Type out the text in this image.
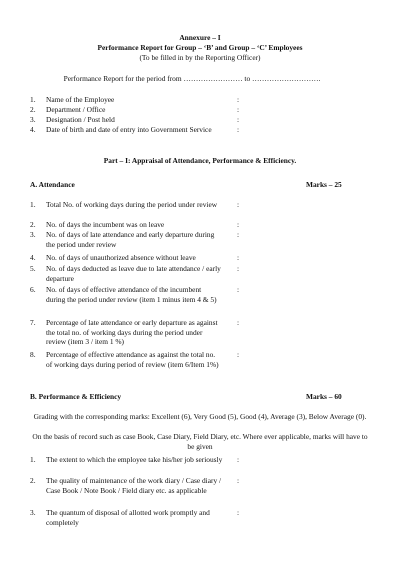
Annexure – I
Performance Report for Group – ‘B’ and Group – ‘C’ Employees
(To be filled in by the Reporting Officer)
Performance Report for the period from …………………… to ……………………….
1.	Name of the Employee	:
2.	Department / Office	:
3.	Designation / Post held	:
4.	Date of birth and date of entry into Government Service	:
Part – I: Appraisal of Attendance, Performance & Efficiency.
A. Attendance	Marks – 25
1.	Total No. of working days during the period under review	:
2.	No. of days the incumbent was on leave	:
3.	No. of days of late attendance and early departure during the period under review
:
4.	No. of days of unauthorized absence without leave	:
5.	No. of days deducted as leave due to late attendance / early departure
:
6.	No. of days of effective attendance of the incumbent during the period under review (item 1 minus item 4 & 5)
:
7.	Percentage of late attendance or early departure as against the total no. of working days during the period under review (item 3 / item 1 %)
:
8.	Percentage of effective attendance as against the total no. of working days during period of review (item 6/Item 1%)
:
B. Performance & Efficiency	Marks – 60
Grading with the corresponding marks: Excellent (6), Very Good (5), Good (4), Average (3), Below Average (0).
On the basis of record such as case Book, Case Diary, Field Diary, etc. Where ever applicable, marks will have to be given
1.	The extent to which the employee take his/her job seriously	:
2.	The quality of maintenance of the work diary / Case diary / Case Book / Note Book / Field diary etc. as applicable
:
3.	The quantum of disposal of allotted work promptly and completely
:
